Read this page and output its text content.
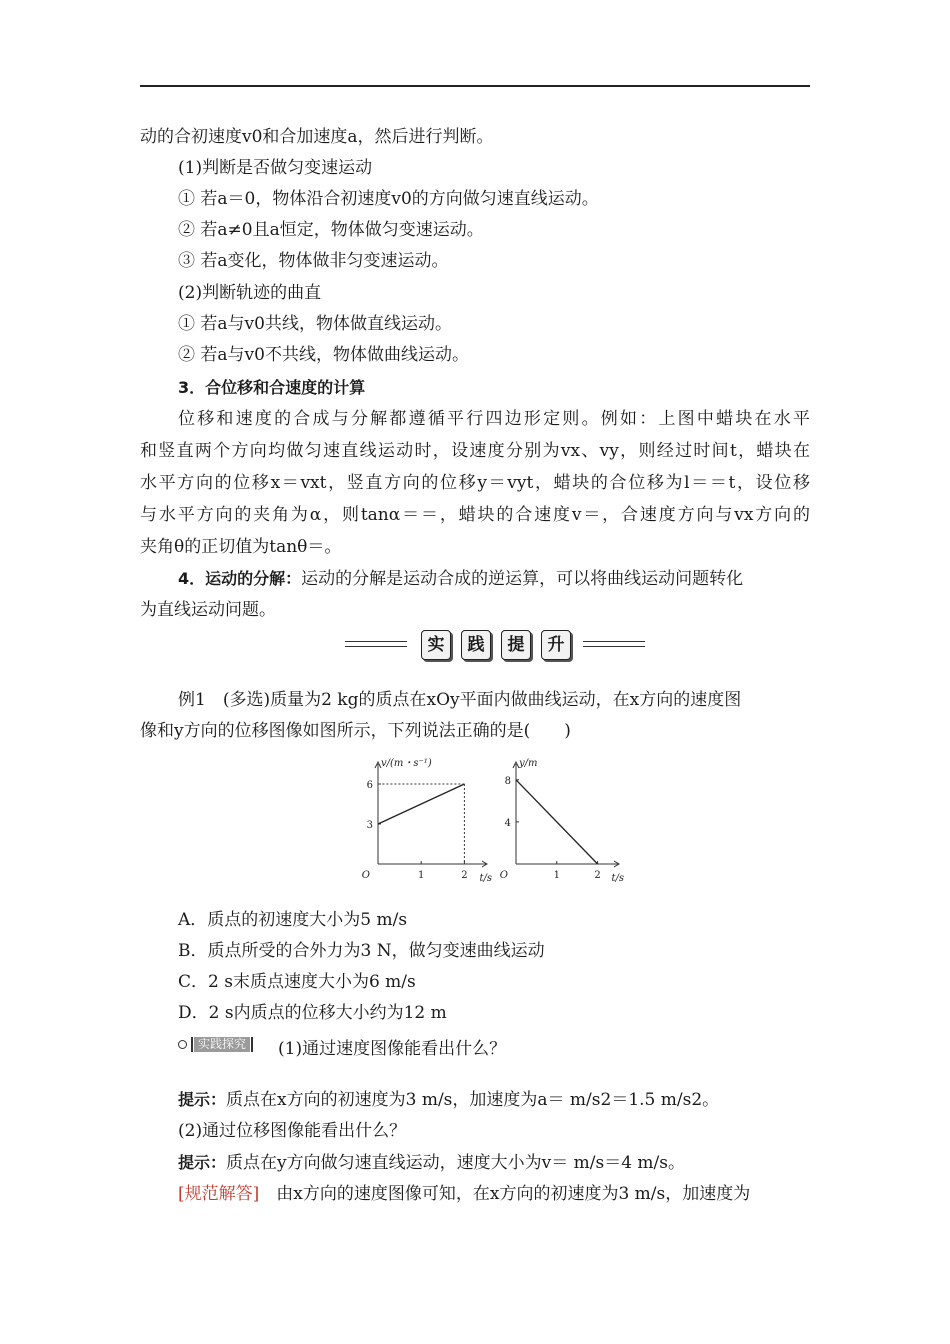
动的合初速度v0和合加速度a，然后进行判断。
(1)判断是否做匀变速运动
① 若a＝0，物体沿合初速度v0的方向做匀速直线运动。
② 若a≠0且a恒定，物体做匀变速运动。
③ 若a变化，物体做非匀变速运动。
(2)判断轨迹的曲直
① 若a与v0共线，物体做直线运动。
② 若a与v0不共线，物体做曲线运动。
3．合位移和合速度的计算
位移和速度的合成与分解都遵循平行四边形定则。例如：上图中蜡块在水平
和竖直两个方向均做匀速直线运动时，设速度分别为vx、vy，则经过时间t，蜡块在
水平方向的位移x＝vxt，竖直方向的位移y＝vyt，蜡块的合位移为l＝＝t，设位移
与水平方向的夹角为α，则tanα＝＝，蜡块的合速度v＝，合速度方向与vx方向的
夹角θ的正切值为tanθ＝。
4．运动的分解：运动的分解是运动合成的逆运算，可以将曲线运动问题转化
为直线运动问题。
实	践	提	升
例1　 (多选)质量为2 kg的质点在xOy平面内做曲线运动，在x方向的速度图
像和y方向的位移图像如图所示，下列说法正确的是(　　)
1	2
3
6
O	t/s
v/(m・s⁻¹)
1	2
4
8
O	t/s
y/m
A．质点的初速度大小为5 m/s
B．质点所受的合外力为3 N，做匀变速曲线运动
C．2 s末质点速度大小为6 m/s
D．2 s内质点的位移大小约为12 m
实践探究 (1)通过速度图像能看出什么？
提示：质点在x方向的初速度为3 m/s，加速度为a＝ m/s2＝1.5 m/s2。
(2)通过位移图像能看出什么？
提示：质点在y方向做匀速直线运动，速度大小为v＝ m/s＝4 m/s。
[规范解答]　 由x方向的速度图像可知，在x方向的初速度为3 m/s，加速度为
